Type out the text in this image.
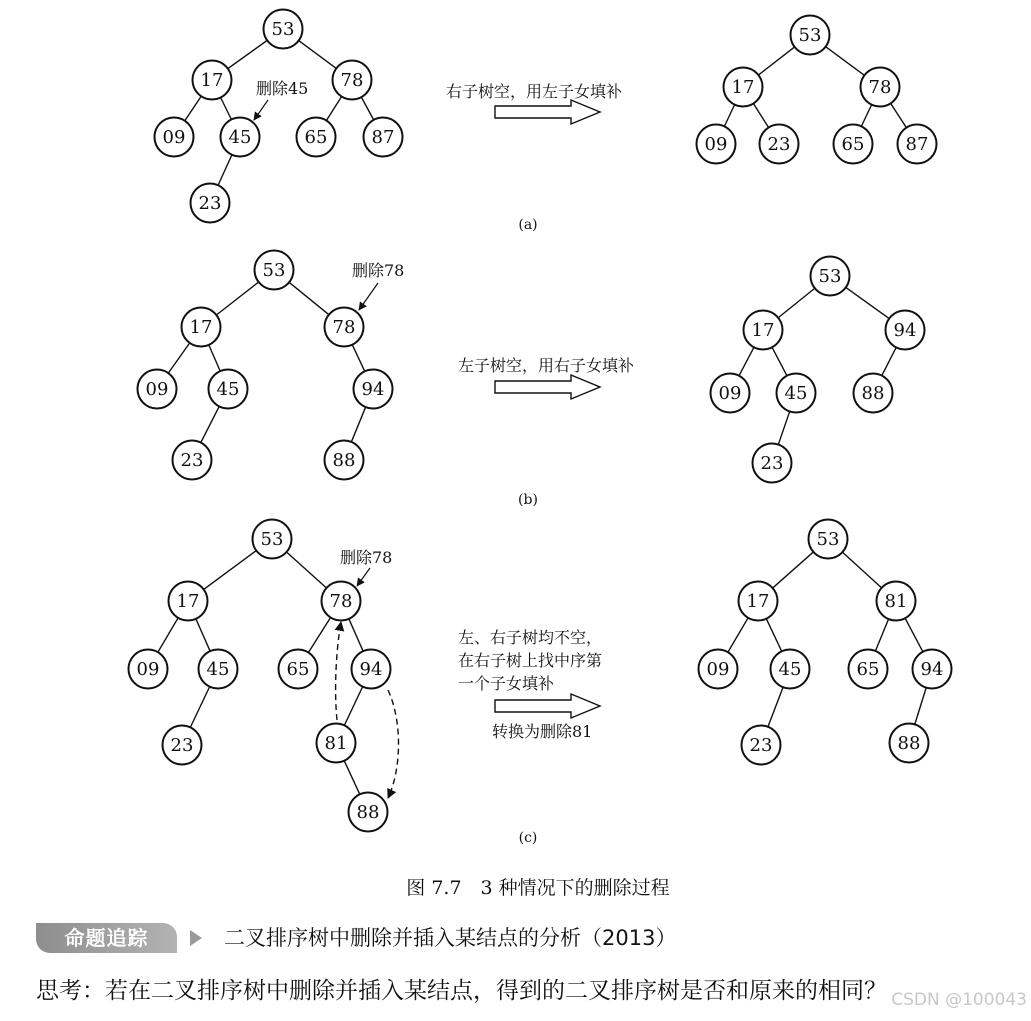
53
17	78
09 45	65 87
23
删除45	右子树空，用左子女填补
53
17	78
09 23	65 87
(a)
53
17	78
09	45	94
23	88
删除78
左子树空，用右子女填补
53
17	94
09 45	88
23
(b)
53
17	78
09	45	65	94
23	81
88
删除78
左、右子树均不空，
在右子树上找中序第
一个子女填补
转换为删除81
53
17	81
09	45	65 94
23	88
(c)
图 7.7　3 种情况下的删除过程
命题追踪	二叉排序树中删除并插入某结点的分析（2013）
思考：若在二叉排序树中删除并插入某结点，得到的二叉排序树是否和原来的相同？ CSDN @100043
